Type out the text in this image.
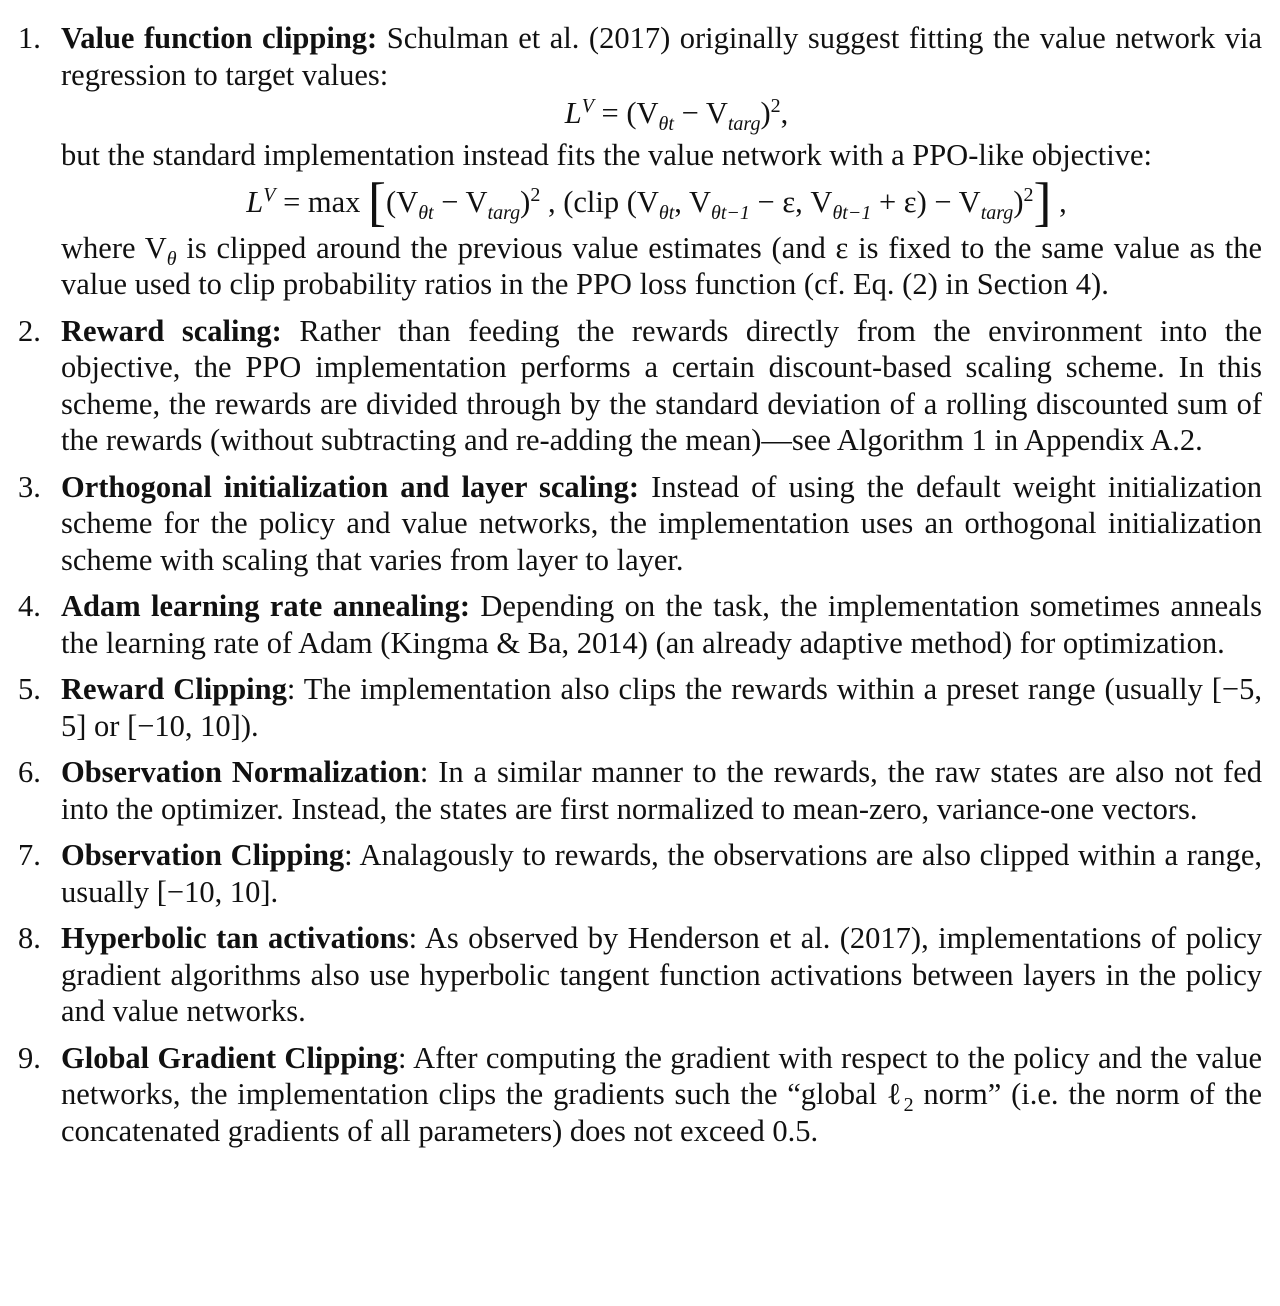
1. Value function clipping: Schulman et al. (2017) originally suggest fitting the value network via regression to target values:
$L^V = (V_{\theta t} - V_{targ})^2$,
but the standard implementation instead fits the value network with a PPO-like objective:
$L^V = \max [(V_{\theta t} - V_{targ})^2$ , (clip ($V_{\theta t}$, $V_{\theta t-1} - \varepsilon$, $V_{\theta t-1} + \varepsilon) - V_{targ})^2$] ,
where $V_\theta$ is clipped around the previous value estimates (and ε is fixed to the same value as the value used to clip probability ratios in the PPO loss function (cf. Eq. (2) in Section 4).
2. Reward scaling: Rather than feeding the rewards directly from the environment into the objective, the PPO implementation performs a certain discount-based scaling scheme. In this scheme, the rewards are divided through by the standard deviation of a rolling discounted sum of the rewards (without subtracting and re-adding the mean)—see Algorithm 1 in Appendix A.2.
3. Orthogonal initialization and layer scaling: Instead of using the default weight initialization scheme for the policy and value networks, the implementation uses an orthogonal initialization scheme with scaling that varies from layer to layer.
4. Adam learning rate annealing: Depending on the task, the implementation sometimes anneals the learning rate of Adam (Kingma & Ba, 2014) (an already adaptive method) for optimization.
5. Reward Clipping: The implementation also clips the rewards within a preset range (usually [−5, 5] or [−10, 10]).
6. Observation Normalization: In a similar manner to the rewards, the raw states are also not fed into the optimizer. Instead, the states are first normalized to mean-zero, variance-one vectors.
7. Observation Clipping: Analagously to rewards, the observations are also clipped within a range, usually [−10, 10].
8. Hyperbolic tan activations: As observed by Henderson et al. (2017), implementations of policy gradient algorithms also use hyperbolic tangent function activations between layers in the policy and value networks.
9. Global Gradient Clipping: After computing the gradient with respect to the policy and the value networks, the implementation clips the gradients such the “global ℓ$_2$ norm” (i.e. the norm of the concatenated gradients of all parameters) does not exceed 0.5.
